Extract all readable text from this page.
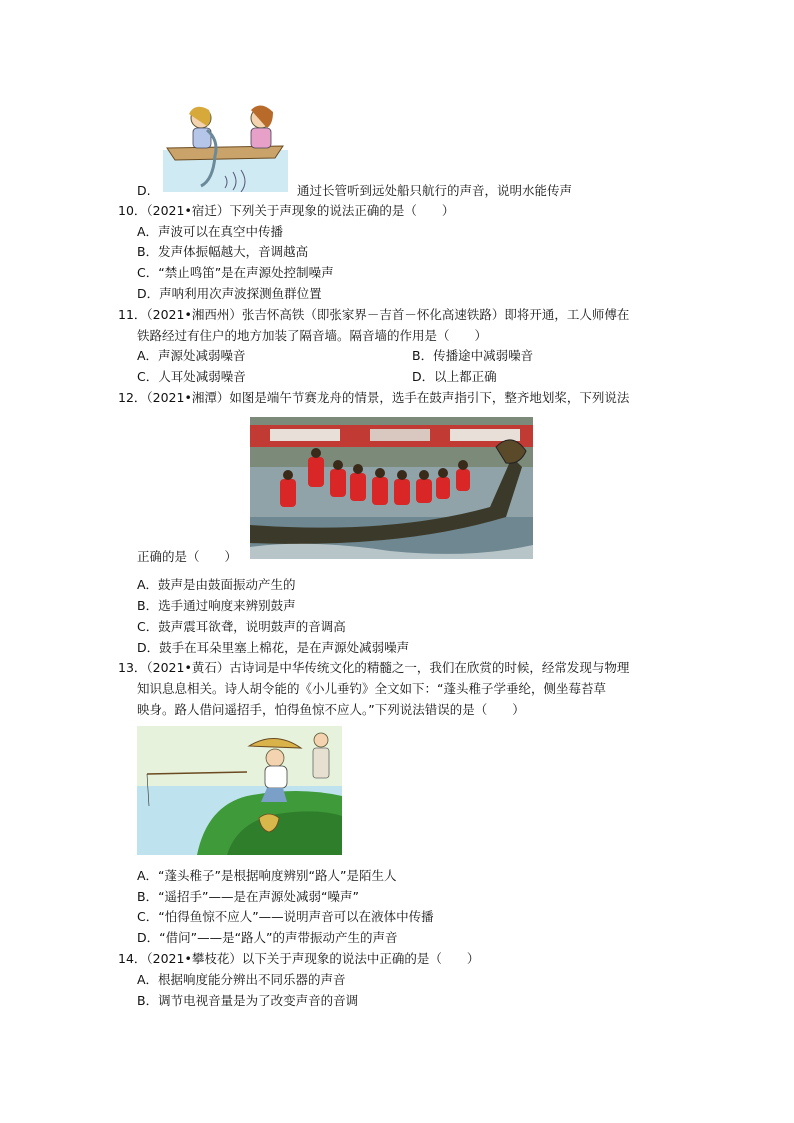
D.	通过长管听到远处船只航行的声音，说明水能传声
10．（2021•宿迁）下列关于声现象的说法正确的是（　　）
A．声波可以在真空中传播
B．发声体振幅越大，音调越高
C．“禁止鸣笛”是在声源处控制噪声
D．声呐利用次声波探测鱼群位置
11．（2021•湘西州）张吉怀高铁（即张家界－吉首－怀化高速铁路）即将开通，工人师傅在
铁路经过有住户的地方加装了隔音墙。隔音墙的作用是（　　）
A．声源处减弱噪音	B．传播途中减弱噪音
C．人耳处减弱噪音	D．以上都正确
12．（2021•湘潭）如图是端午节赛龙舟的情景，选手在鼓声指引下，整齐地划桨，下列说法
正确的是（　　）
A．鼓声是由鼓面振动产生的
B．选手通过响度来辨别鼓声
C．鼓声震耳欲聋，说明鼓声的音调高
D．鼓手在耳朵里塞上棉花，是在声源处减弱噪声
13．（2021•黄石）古诗词是中华传统文化的精髓之一，我们在欣赏的时候，经常发现与物理
知识息息相关。诗人胡令能的《小儿垂钓》全文如下：“蓬头稚子学垂纶，侧坐莓苔草
映身。路人借问遥招手，怕得鱼惊不应人。”下列说法错误的是（　　）
A．“蓬头稚子”是根据响度辨别“路人”是陌生人
B．“遥招手”——是在声源处减弱“噪声”
C．“怕得鱼惊不应人”——说明声音可以在液体中传播
D．“借问”——是“路人”的声带振动产生的声音
14．（2021•攀枝花）以下关于声现象的说法中正确的是（　　）
A．根据响度能分辨出不同乐器的声音
B．调节电视音量是为了改变声音的音调
